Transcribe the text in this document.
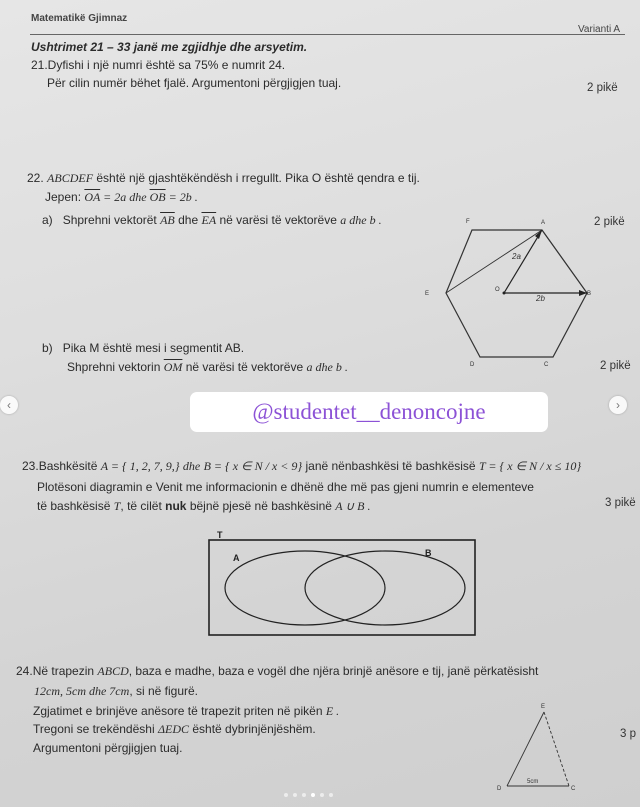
Matematikë Gjimnaz
Varianti A
Ushtrimet 21 – 33 janë me zgjidhje dhe arsyetim.
21.Dyfishi i një numri është sa 75% e numrit 24.
Për cilin numër bëhet fjalë. Argumentoni përgjigjen tuaj.	2 pikë
22. ABCDEF është një gjashtëkëndësh i rregullt. Pika O është qendra e tij.
Jepen: $\overline{OA} = 2a$ dhe $\overline{OB} = 2b$ .
a) Shprehni vektorët $\overline{AB}$ dhe $\overline{EA}$ në varësi të vektorëve a dhe b .	2 pikë
F	A
E
O
B
D	C
2a
2b
b) Pika M është mesi i segmentit AB.
Shprehni vektorin $\overline{OM}$ në varësi të vektorëve a dhe b .	2 pikë
@studentet__denoncojne
‹	›
23.Bashkësitë A = { 1, 2, 7, 9,} dhe B = { x ∈ N / x < 9} janë nënbashkësi të bashkësisë T = { x ∈ N / x ≤ 10}
Plotësoni diagramin e Venit me informacionin e dhënë dhe më pas gjeni numrin e elementeve
të bashkësisë T, të cilët nuk bëjnë pjesë në bashkësinë A ∪ B .	3 pikë
T
A	B
24.Në trapezin ABCD, baza e madhe, baza e vogël dhe njëra brinjë anësore e tij, janë përkatësisht
12cm, 5cm dhe 7cm, si në figurë.
Zgjatimet e brinjëve anësore të trapezit priten në pikën E .
Tregoni se trekëndëshi ΔEDC është dybrinjënjëshëm.
Argumentoni përgjigjen tuaj.
3 p
E
D	C
5cm
